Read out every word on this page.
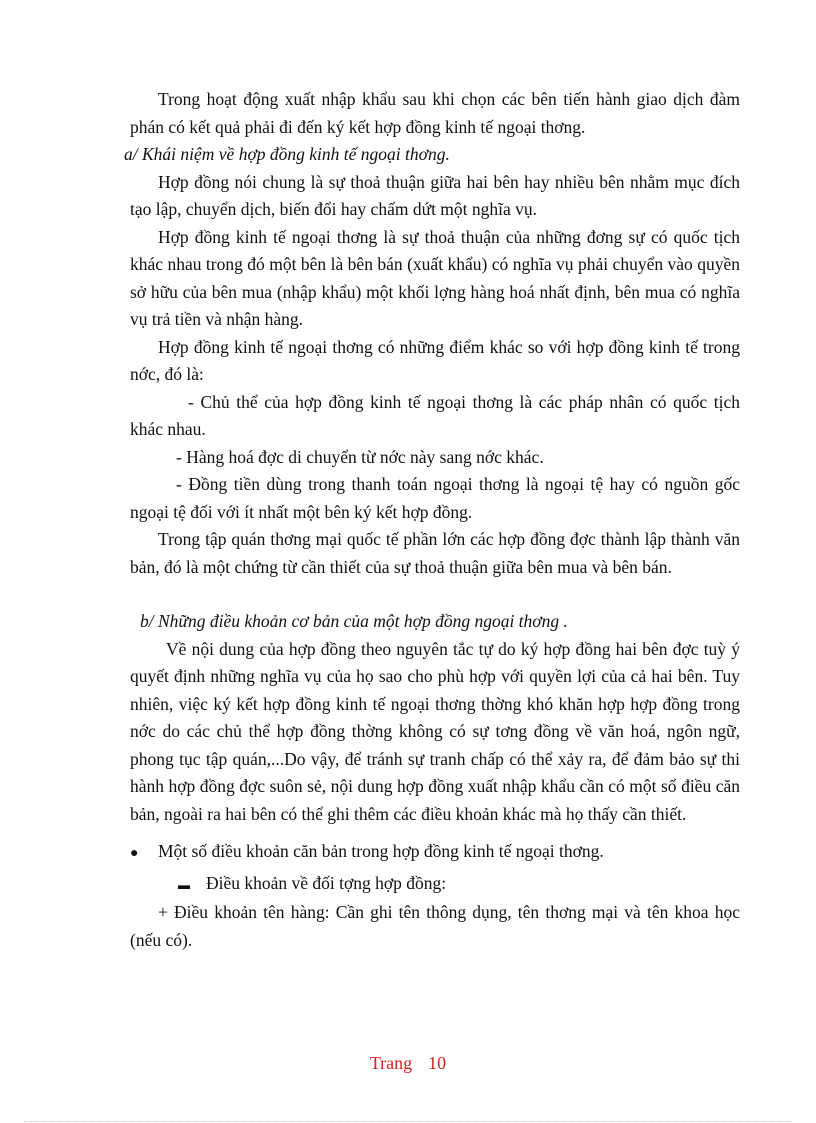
Trong hoạt động xuất nhập khẩu sau khi chọn các bên tiến hành giao dịch đàm phán có kết quả phải đi đến ký kết hợp đồng kinh tế ngoại thơng.

a/ Khái niệm về hợp đồng kinh tế ngoại thơng.

Hợp đồng nói chung là sự thoả thuận giữa hai bên hay nhiều bên nhằm mục đích tạo lập, chuyển dịch, biến đổi hay chấm dứt một nghĩa vụ.

Hợp đồng kinh tế ngoại thơng là sự thoả thuận của những đơng sự có quốc tịch khác nhau trong đó một bên là bên bán (xuất khẩu) có nghĩa vụ phải chuyển vào quyền sở hữu của bên mua (nhập khẩu) một khối lợng hàng hoá nhất định, bên mua có nghĩa vụ trả tiền và nhận hàng.

Hợp đồng kinh tế ngoại thơng có những điểm khác so với hợp đồng kinh tế trong nớc, đó là:

- Chủ thể của hợp đồng kinh tế ngoại thơng là các pháp nhân có quốc tịch khác nhau.

- Hàng hoá đợc di chuyển từ nớc này sang nớc khác.

- Đồng tiền dùng trong thanh toán ngoại thơng là ngoại tệ hay có nguồn gốc ngoại tệ đối với ít nhất một bên ký kết hợp đồng.

Trong tập quán thơng mại quốc tế phần lớn các hợp đồng đợc thành lập thành văn bản, đó là một chứng từ cần thiết của sự thoả thuận giữa bên mua và bên bán.

b/ Những điều khoản cơ bản của một hợp đồng ngoại thơng .

Về nội dung của hợp đồng theo nguyên tắc tự do ký hợp đồng hai bên đợc tuỳ ý quyết định những nghĩa vụ của họ sao cho phù hợp với quyền lợi của cả hai bên. Tuy nhiên, việc ký kết hợp đồng kinh tế ngoại thơng thờng khó khăn hợp hợp đồng trong nớc do các chủ thể hợp đồng thờng không có sự tơng đồng về văn hoá, ngôn ngữ, phong tục tập quán,...Do vậy, để tránh sự tranh chấp có thể xảy ra, để đảm bảo sự thi hành hợp đồng đợc suôn sẻ, nội dung hợp đồng xuất nhập khẩu cần có một số điều căn bản, ngoài ra hai bên có thể ghi thêm các điều khoản khác mà họ thấy cần thiết.

●	Một số điều khoản căn bản trong hợp đồng kinh tế ngoại thơng.
▬ Điều khoản về đối tợng hợp đồng:

+ Điều khoản tên hàng: Cần ghi tên thông dụng, tên thơng mại và tên khoa học (nếu có).

Trang 10
